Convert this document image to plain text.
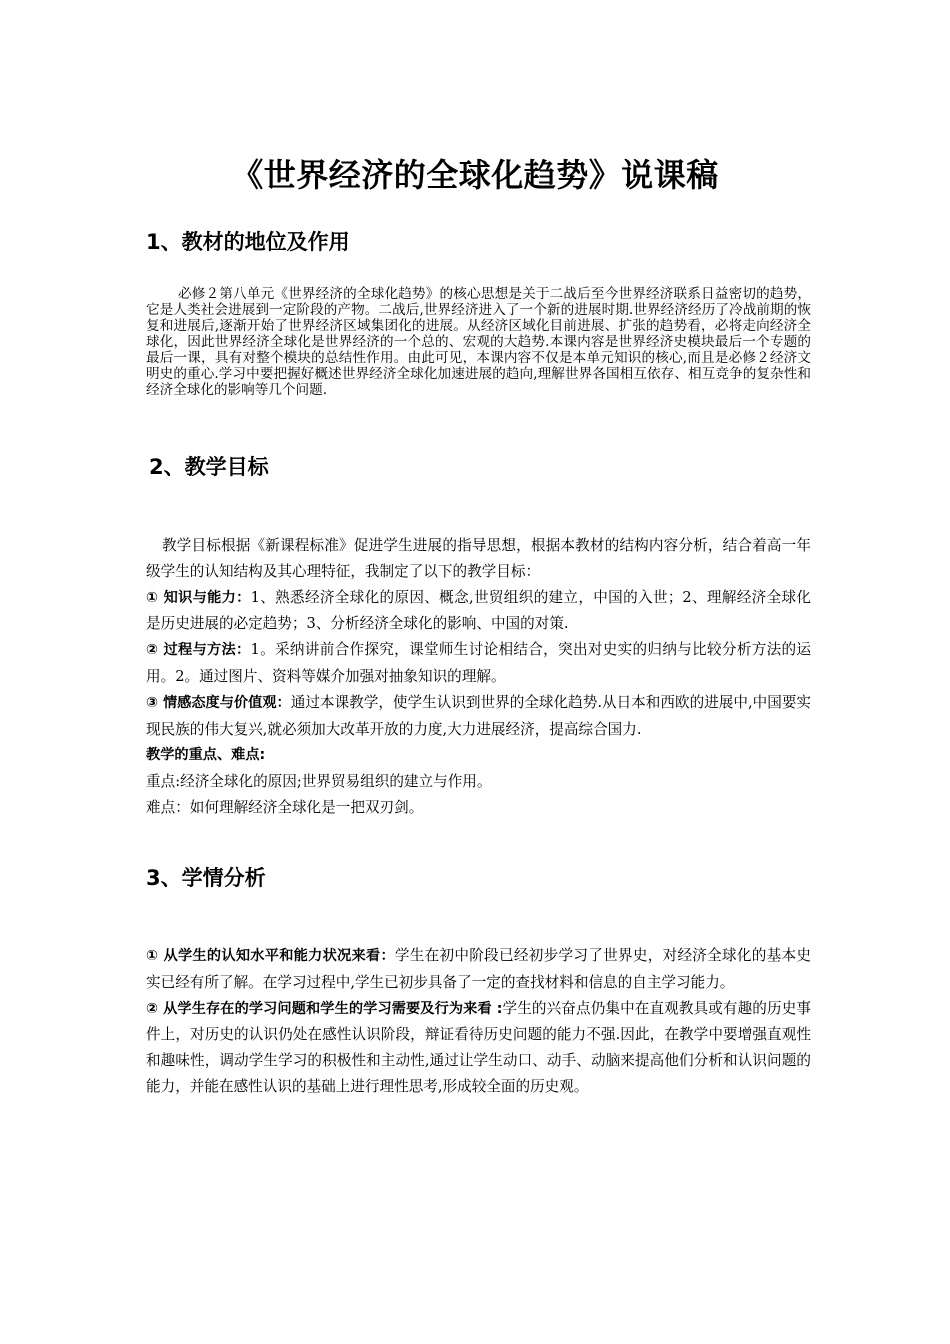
《世界经济的全球化趋势》说课稿
1、教材的地位及作用

必修２第八单元《世界经济的全球化趋势》的核心思想是关于二战后至今世界经济联系日益密切的趋势，它是人类社会进展到一定阶段的产物。二战后,世界经济进入了一个新的进展时期.世界经济经历了冷战前期的恢复和进展后,逐渐开始了世界经济区域集团化的进展。从经济区域化目前进展、扩张的趋势看，必将走向经济全球化，因此世界经济全球化是世界经济的一个总的、宏观的大趋势.本课内容是世界经济史模块最后一个专题的最后一课，具有对整个模块的总结性作用。由此可见，本课内容不仅是本单元知识的核心,而且是必修２经济文明史的重心.学习中要把握好概述世界经济全球化加速进展的趋向,理解世界各国相互依存、相互竞争的复杂性和经济全球化的影响等几个问题.

2、教学目标

教学目标根据《新课程标准》促进学生进展的指导思想，根据本教材的结构内容分析，结合着高一年级学生的认知结构及其心理特征，我制定了以下的教学目标：

① 知识与能力：1、熟悉经济全球化的原因、概念,世贸组织的建立，中国的入世；2、理解经济全球化是历史进展的必定趋势；3、分析经济全球化的影响、中国的对策.

② 过程与方法：1。采纳讲前合作探究，课堂师生讨论相结合，突出对史实的归纳与比较分析方法的运用。2。通过图片、资料等媒介加强对抽象知识的理解。

③ 情感态度与价值观：通过本课教学，使学生认识到世界的全球化趋势.从日本和西欧的进展中,中国要实现民族的伟大复兴,就必须加大改革开放的力度,大力进展经济，提高综合国力.

教学的重点、难点:

重点:经济全球化的原因;世界贸易组织的建立与作用。

难点：如何理解经济全球化是一把双刃剑。

3、学情分析

① 从学生的认知水平和能力状况来看：学生在初中阶段已经初步学习了世界史，对经济全球化的基本史实已经有所了解。在学习过程中,学生已初步具备了一定的查找材料和信息的自主学习能力。

② 从学生存在的学习问题和学生的学习需要及行为来看 :学生的兴奋点仍集中在直观教具或有趣的历史事件上，对历史的认识仍处在感性认识阶段，辩证看待历史问题的能力不强.因此，在教学中要增强直观性和趣味性，调动学生学习的积极性和主动性,通过让学生动口、动手、动脑来提高他们分析和认识问题的能力，并能在感性认识的基础上进行理性思考,形成较全面的历史观。
